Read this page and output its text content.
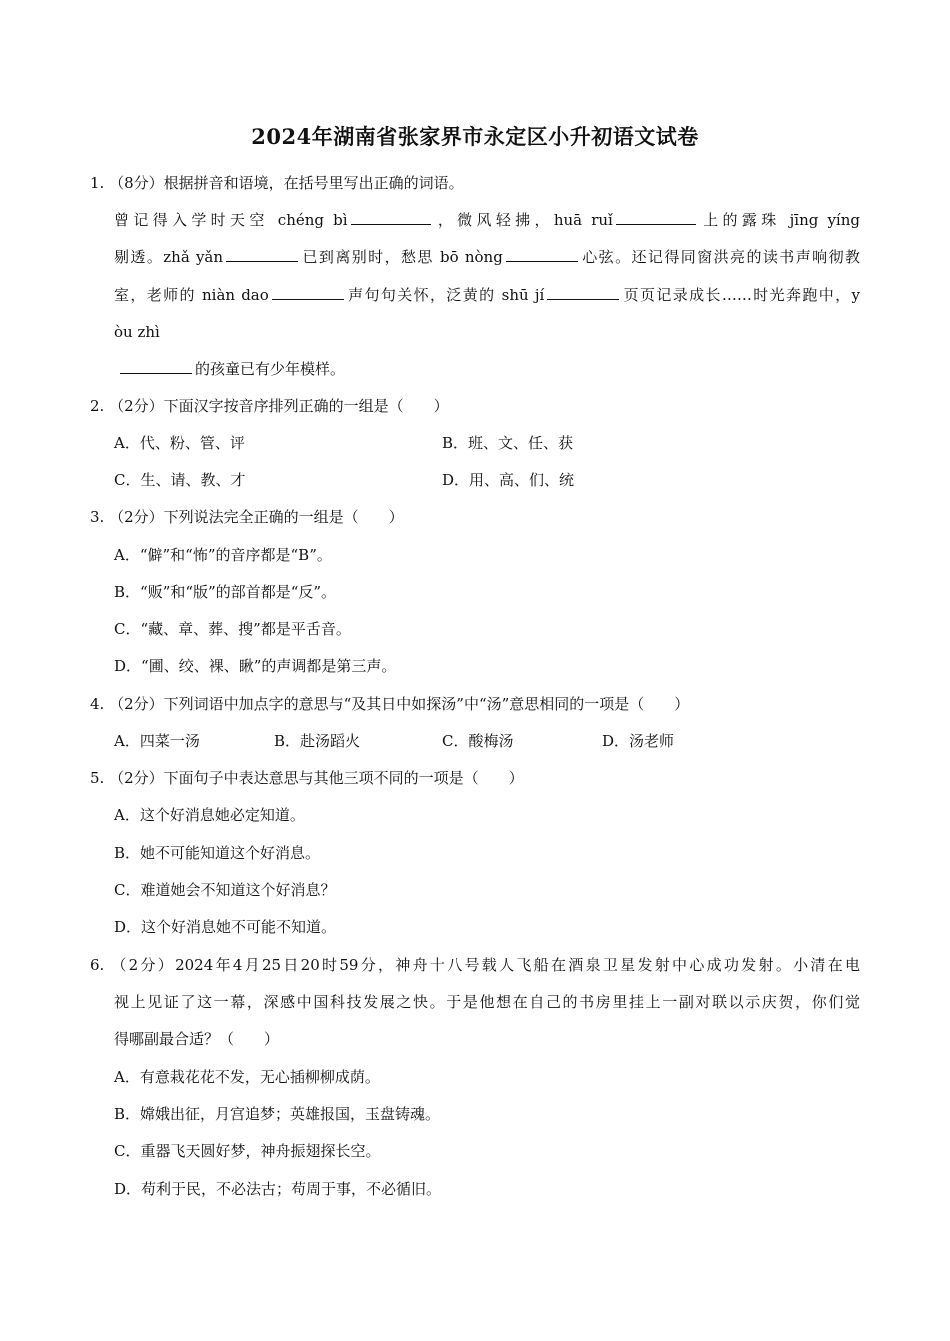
2024年湖南省张家界市永定区小升初语文试卷
1. （8分）根据拼音和语境，在括号里写出正确的词语。
曾记得入学时天空 chéng bì	，微风轻拂，huā ruǐ	上的露珠 jīng yíng
剔透。zhǎ yǎn	已到离别时，愁思 bō nòng	心弦。还记得同窗洪亮的读书声响彻教
室，老师的 niàn dao	声句句关怀，泛黄的 shū jí	页页记录成长……时光奔跑中，y
òu zhì
的孩童已有少年模样。
2. （2分）下面汉字按音序排列正确的一组是（　　）
A．代、粉、管、评	B．班、文、任、获
C．生、请、教、才	D．用、高、们、统
3. （2分）下列说法完全正确的一组是（　　）
A．“僻”和“怖”的音序都是“B”。
B．“贩”和“版”的部首都是“反”。
C．“藏、章、葬、搜”都是平舌音。
D．“圃、绞、裸、瞅”的声调都是第三声。
4. （2分）下列词语中加点字的意思与“及其日中如探汤”中“汤”意思相同的一项是（　　）
A．四菜一汤	B．赴汤蹈火	C．酸梅汤	D．汤老师
5. （2分）下面句子中表达意思与其他三项不同的一项是（　　）
A．这个好消息她必定知道。
B．她不可能知道这个好消息。
C．难道她会不知道这个好消息？
D．这个好消息她不可能不知道。
6. （2分）2024年4月25日20时59分，神舟十八号载人飞船在酒泉卫星发射中心成功发射。小清在电
视上见证了这一幕，深感中国科技发展之快。于是他想在自己的书房里挂上一副对联以示庆贺，你们觉
得哪副最合适？（　　）
A．有意栽花花不发，无心插柳柳成荫。
B．嫦娥出征，月宫追梦；英雄报国，玉盘铸魂。
C．重器飞天圆好梦，神舟振翅探长空。
D．苟利于民，不必法古；苟周于事，不必循旧。
